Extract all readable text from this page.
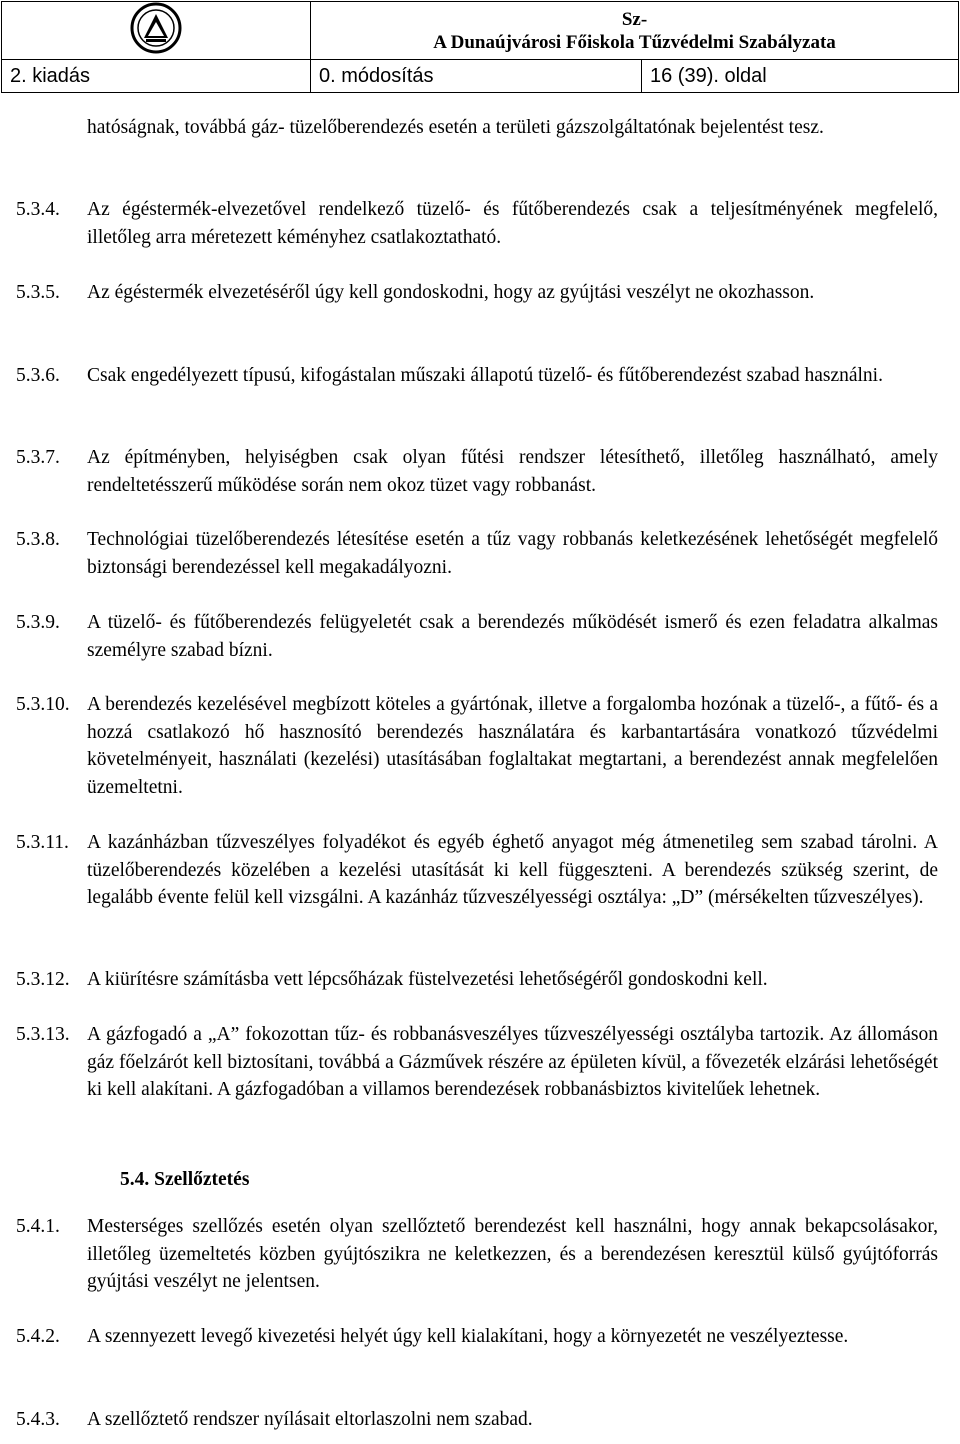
Sz-
A Dunaújvárosi Főiskola Tűzvédelmi Szabályzata	

2. kiadás	0. módosítás	16 (39). oldal
hatóságnak, továbbá gáz- tüzelőberendezés esetén a területi gázszolgáltatónak bejelentést tesz.
5.3.4. Az égéstermék-elvezetővel rendelkező tüzelő- és fűtőberendezés csak a teljesítményének megfelelő, illetőleg arra méretezett kéményhez csatlakoztatható.
5.3.5. Az égéstermék elvezetéséről úgy kell gondoskodni, hogy az gyújtási veszélyt ne okozhasson.
5.3.6. Csak engedélyezett típusú, kifogástalan műszaki állapotú tüzelő- és fűtőberendezést szabad használni.
5.3.7. Az építményben, helyiségben csak olyan fűtési rendszer létesíthető, illetőleg használható, amely rendeltetésszerű működése során nem okoz tüzet vagy robbanást.
5.3.8. Technológiai tüzelőberendezés létesítése esetén a tűz vagy robbanás keletkezésének lehetőségét megfelelő biztonsági berendezéssel kell megakadályozni.
5.3.9. A tüzelő- és fűtőberendezés felügyeletét csak a berendezés működését ismerő és ezen feladatra alkalmas személyre szabad bízni.
5.3.10. A berendezés kezelésével megbízott köteles a gyártónak, illetve a forgalomba hozónak a tüzelő-, a fűtő- és a hozzá csatlakozó hő hasznosító berendezés használatára és karbantartására vonatkozó tűzvédelmi követelményeit, használati (kezelési) utasításában foglaltakat megtartani, a berendezést annak megfelelően üzemeltetni.
5.3.11. A kazánházban tűzveszélyes folyadékot és egyéb éghető anyagot még átmenetileg sem szabad tárolni. A tüzelőberendezés közelében a kezelési utasítását ki kell függeszteni. A berendezés szükség szerint, de legalább évente felül kell vizsgálni. A kazánház tűzveszélyességi osztálya: „D” (mérsékelten tűzveszélyes).
5.3.12. A kiürítésre számításba vett lépcsőházak füstelvezetési lehetőségéről gondoskodni kell.
5.3.13. A gázfogadó a „A” fokozottan tűz- és robbanásveszélyes tűzveszélyességi osztályba tartozik. Az állomáson gáz főelzárót kell biztosítani, továbbá a Gázművek részére az épületen kívül, a fővezeték elzárási lehetőségét ki kell alakítani. A gázfogadóban a villamos berendezések robbanásbiztos kivitelűek lehetnek.
5.4. Szellőztetés
5.4.1. Mesterséges szellőzés esetén olyan szellőztető berendezést kell használni, hogy annak bekapcsolásakor, illetőleg üzemeltetés közben gyújtószikra ne keletkezzen, és a berendezésen keresztül külső gyújtóforrás gyújtási veszélyt ne jelentsen.
5.4.2. A szennyezett levegő kivezetési helyét úgy kell kialakítani, hogy a környezetét ne veszélyeztesse.
5.4.3. A szellőztető rendszer nyílásait eltorlaszolni nem szabad.
